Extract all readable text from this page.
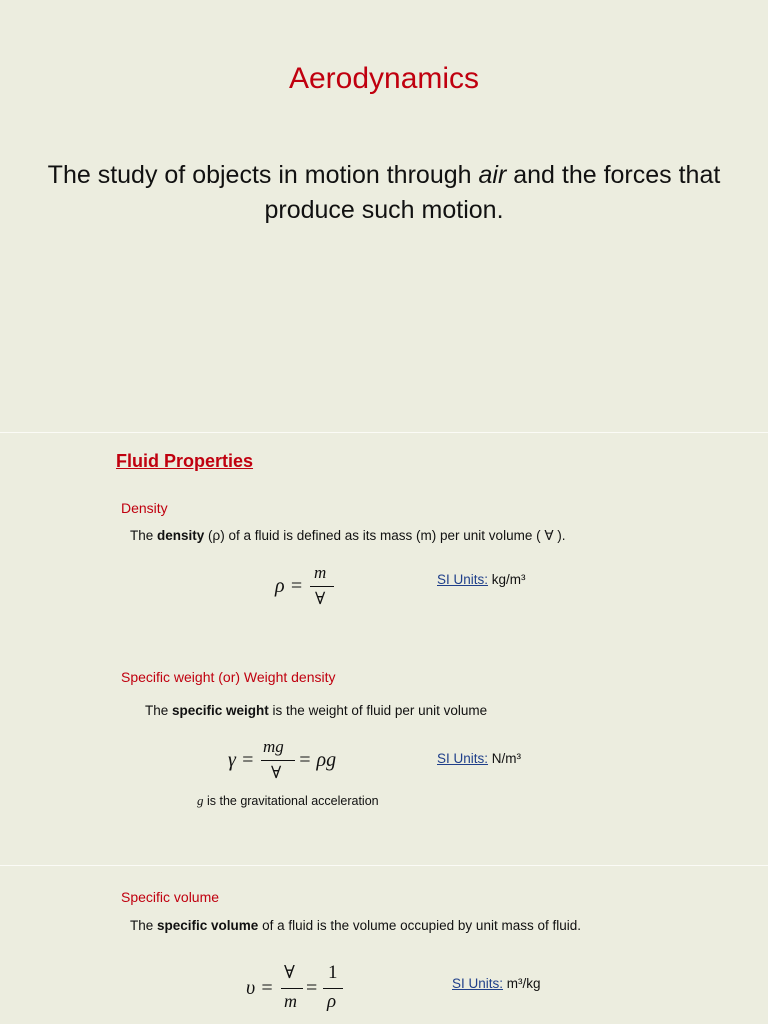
Aerodynamics
The study of objects in motion through air and the forces that produce such motion.
Fluid Properties
Density
The density (ρ) of a fluid is defined as its mass (m) per unit volume ( ∀ ).
ρ =
m
∀
SI Units: kg/m³
Specific weight (or) Weight density
The specific weight is the weight of fluid per unit volume
γ =
mg
∀
= ρg	SI Units: N/m³
g is the gravitational acceleration
Specific volume
The specific volume of a fluid is the volume occupied by unit mass of fluid.
υ =
∀
m
=
1
ρ
SI Units: m³/kg
